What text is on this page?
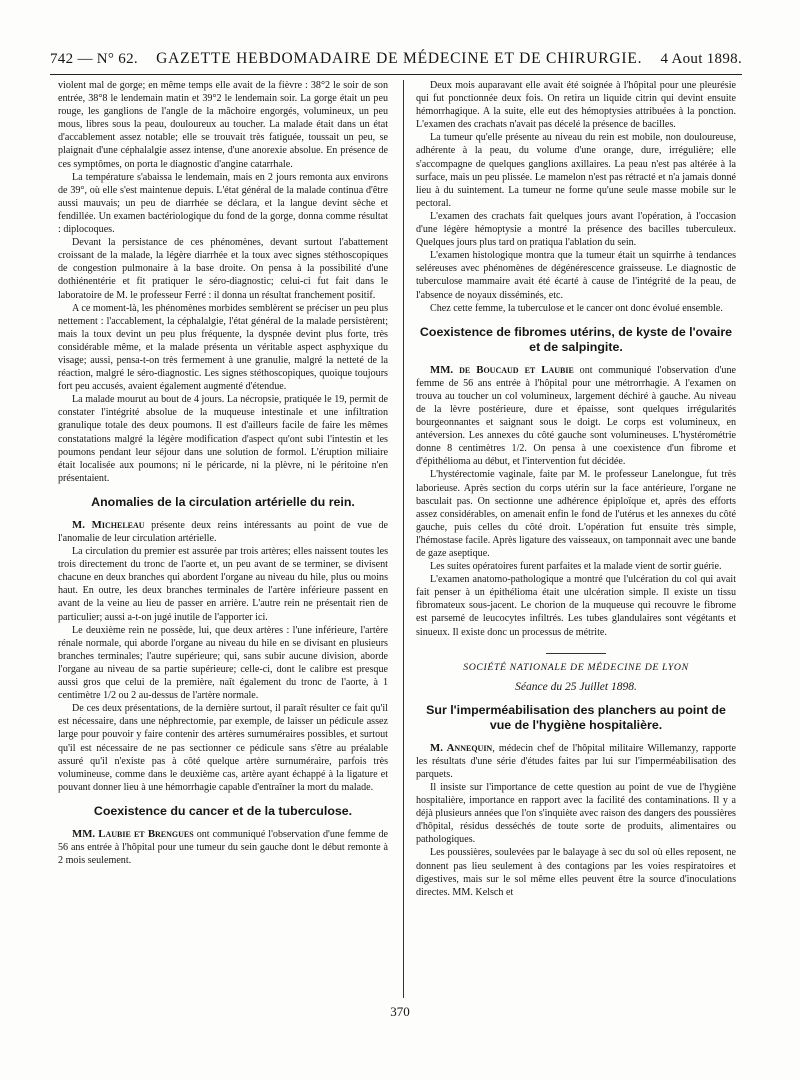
742 — N° 62. GAZETTE HEBDOMADAIRE DE MÉDECINE ET DE CHIRURGIE. 4 Aout 1898.

violent mal de gorge; en même temps elle avait de la fièvre : 38°2 le soir de son entrée, 38°8 le lendemain matin et 39°2 le lendemain soir. La gorge était un peu rouge, les ganglions de l'angle de la mâchoire engorgés, volumineux, un peu mous, libres sous la peau, douloureux au toucher. La malade était dans un état d'accablement assez notable; elle se trouvait très fatiguée, toussait un peu, se plaignait d'une céphalalgie assez intense, d'une anorexie absolue. En présence de ces symptômes, on porta le diagnostic d'angine catarrhale.

La température s'abaissa le lendemain, mais en 2 jours remonta aux environs de 39°, où elle s'est maintenue depuis. L'état général de la malade continua d'être aussi mauvais; un peu de diarrhée se déclara, et la langue devint sèche et fendillée. Un examen bactériologique du fond de la gorge, donna comme résultat : diplocoques.

Devant la persistance de ces phénomènes, devant surtout l'abattement croissant de la malade, la légère diarrhée et la toux avec signes stéthoscopiques de congestion pulmonaire à la base droite. On pensa à la possibilité d'une dothiénentérie et fit pratiquer le séro-diagnostic; celui-ci fut fait dans le laboratoire de M. le professeur Ferré : il donna un résultat franchement positif.

A ce moment-là, les phénomènes morbides semblèrent se préciser un peu plus nettement : l'accablement, la céphalalgie, l'état général de la malade persistèrent; mais la toux devint un peu plus fréquente, la dyspnée devint plus forte, très considérable même, et la malade présenta un véritable aspect asphyxique du visage; aussi, pensa-t-on très fermement à une granulie, malgré la netteté de la réaction, malgré le séro-diagnostic. Les signes stéthoscopiques, quoique toujours fort peu accusés, avaient également augmenté d'étendue.

La malade mourut au bout de 4 jours. La nécropsie, pratiquée le 19, permit de constater l'intégrité absolue de la muqueuse intestinale et une infiltration granulique totale des deux poumons. Il est d'ailleurs facile de faire les mêmes constatations malgré la légère modification d'aspect qu'ont subi l'intestin et les poumons pendant leur séjour dans une solution de formol. L'éruption miliaire était localisée aux poumons; ni le péricarde, ni la plèvre, ni le péritoine n'en présentaient.

Anomalies de la circulation artérielle du rein.

M. Micheleau présente deux reins intéressants au point de vue de l'anomalie de leur circulation artérielle.

La circulation du premier est assurée par trois artères; elles naissent toutes les trois directement du tronc de l'aorte et, un peu avant de se terminer, se divisent chacune en deux branches qui abordent l'organe au niveau du hile, plus ou moins haut. En outre, les deux branches terminales de l'artère inférieure passent en avant de la veine au lieu de passer en arrière. L'autre rein ne présentait rien de particulier; aussi a-t-on jugé inutile de l'apporter ici.

Le deuxième rein ne possède, lui, que deux artères : l'une inférieure, l'artère rénale normale, qui aborde l'organe au niveau du hile en se divisant en plusieurs branches terminales; l'autre supérieure; qui, sans subir aucune division, aborde l'organe au niveau de sa partie supérieure; celle-ci, dont le calibre est presque aussi gros que celui de la première, naît également du tronc de l'aorte, à 1 centimètre 1/2 ou 2 au-dessus de l'artère normale.

De ces deux présentations, de la dernière surtout, il paraît résulter ce fait qu'il est nécessaire, dans une néphrectomie, par exemple, de laisser un pédicule assez large pour pouvoir y faire contenir des artères surnuméraires possibles, et surtout qu'il est nécessaire de ne pas sectionner ce pédicule sans s'être au préalable assuré qu'il n'existe pas à côté quelque artère surnuméraire, parfois très volumineuse, comme dans le deuxième cas, artère ayant échappé à la ligature et pouvant donner lieu à une hémorrhagie capable d'entraîner la mort du malade.

Coexistence du cancer et de la tuberculose.

MM. Laubie et Brengues ont communiqué l'observation d'une femme de 56 ans entrée à l'hôpital pour une tumeur du sein gauche dont le début remonte à 2 mois seulement.

Deux mois auparavant elle avait été soignée à l'hôpital pour une pleurésie qui fut ponctionnée deux fois. On retira un liquide citrin qui devint ensuite hémorrhagique. A la suite, elle eut des hémoptysies attribuées à la ponction. L'examen des crachats n'avait pas décelé la présence de bacilles.

La tumeur qu'elle présente au niveau du rein est mobile, non douloureuse, adhérente à la peau, du volume d'une orange, dure, irrégulière; elle s'accompagne de quelques ganglions axillaires. La peau n'est pas altérée à la surface, mais un peu plissée. Le mamelon n'est pas rétracté et n'a jamais donné lieu à du suintement. La tumeur ne forme qu'une seule masse mobile sur le pectoral.

L'examen des crachats fait quelques jours avant l'opération, à l'occasion d'une légère hémoptysie a montré la présence des bacilles tuberculeux. Quelques jours plus tard on pratiqua l'ablation du sein.

L'examen histologique montra que la tumeur était un squirrhe à tendances seléreuses avec phénomènes de dégénérescence graisseuse. Le diagnostic de tuberculose mammaire avait été écarté à cause de l'intégrité de la peau, de l'absence de noyaux disséminés, etc.

Chez cette femme, la tuberculose et le cancer ont donc évolué ensemble.

Coexistence de fibromes utérins, de kyste de l'ovaire et de salpingite.

MM. de Boucaud et Laubie ont communiqué l'observation d'une femme de 56 ans entrée à l'hôpital pour une métrorrhagie. A l'examen on trouva au toucher un col volumineux, largement déchiré à gauche. Au niveau de la lèvre postérieure, dure et épaisse, sont quelques irrégularités bourgeonnantes et saignant sous le doigt. Le corps est volumineux, en antéversion. Les annexes du côté gauche sont volumineuses. L'hystérométrie donne 8 centimètres 1/2. On pensa à une coexistence d'un fibrome et d'épithélioma au début, et l'intervention fut décidée.

L'hystérectomie vaginale, faite par M. le professeur Lanelongue, fut très laborieuse. Après section du corps utérin sur la face antérieure, l'organe ne basculait pas. On sectionne une adhérence épiploïque et, après des efforts assez considérables, on amenait enfin le fond de l'utérus et les annexes du côté gauche, puis celles du côté droit. L'opération fut ensuite très simple, l'hémostase facile. Après ligature des vaisseaux, on tamponnait avec une bande de gaze aseptique.

Les suites opératoires furent parfaites et la malade vient de sortir guérie.

L'examen anatomo-pathologique a montré que l'ulcération du col qui avait fait penser à un épithélioma était une ulcération simple. Il existe un tissu fibromateux sous-jacent. Le chorion de la muqueuse qui recouvre le fibrome est parsemé de leucocytes infiltrés. Les tubes glandulaires sont végétants et sinueux. Il existe donc un processus de métrite.

SOCIÉTÉ NATIONALE DE MÉDECINE DE LYON
Séance du 25 Juillet 1898.
Sur l'imperméabilisation des planchers au point de vue de l'hygiène hospitalière.

M. Annequin, médecin chef de l'hôpital militaire Willemanzy, rapporte les résultats d'une série d'études faites par lui sur l'imperméabilisation des parquets.

Il insiste sur l'importance de cette question au point de vue de l'hygiène hospitalière, importance en rapport avec la facilité des contaminations. Il y a déjà plusieurs années que l'on s'inquiète avec raison des dangers des poussières d'hôpital, résidus desséchés de toute sorte de produits, alimentaires ou pathologiques.

Les poussières, soulevées par le balayage à sec du sol où elles reposent, ne donnent pas lieu seulement à des contagions par les voies respiratoires et digestives, mais sur le sol même elles peuvent être la source d'inoculations directes. MM. Kelsch et

370
